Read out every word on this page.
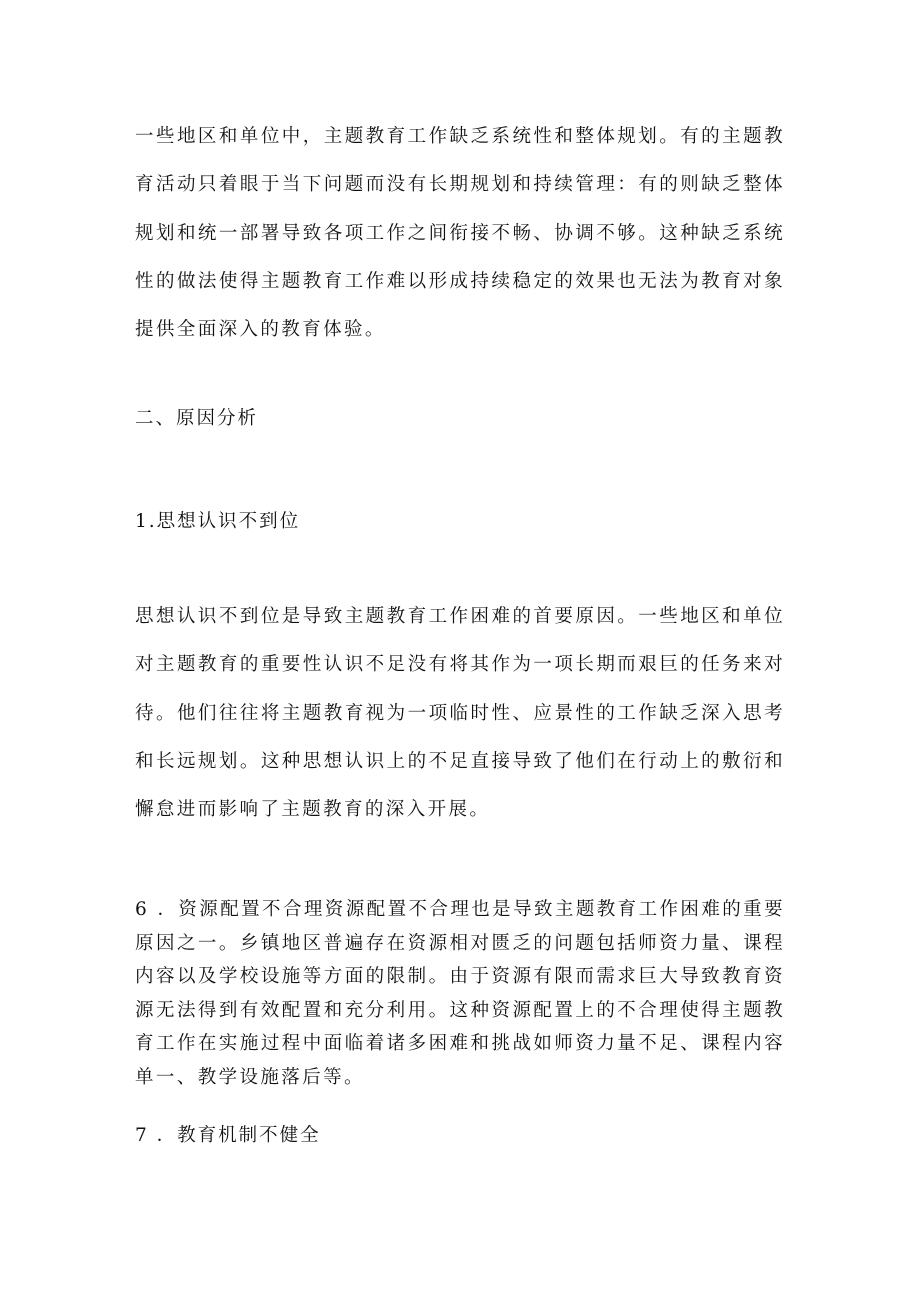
一些地区和单位中，主题教育工作缺乏系统性和整体规划。有的主题教育活动只着眼于当下问题而没有长期规划和持续管理：有的则缺乏整体规划和统一部署导致各项工作之间衔接不畅、协调不够。这种缺乏系统性的做法使得主题教育工作难以形成持续稳定的效果也无法为教育对象提供全面深入的教育体验。

二、原因分析

1.思想认识不到位

思想认识不到位是导致主题教育工作困难的首要原因。一些地区和单位对主题教育的重要性认识不足没有将其作为一项长期而艰巨的任务来对待。他们往往将主题教育视为一项临时性、应景性的工作缺乏深入思考和长远规划。这种思想认识上的不足直接导致了他们在行动上的敷衍和懈怠进而影响了主题教育的深入开展。

6 ．资源配置不合理资源配置不合理也是导致主题教育工作困难的重要原因之一。乡镇地区普遍存在资源相对匮乏的问题包括师资力量、课程内容以及学校设施等方面的限制。由于资源有限而需求巨大导致教育资源无法得到有效配置和充分利用。这种资源配置上的不合理使得主题教育工作在实施过程中面临着诸多困难和挑战如师资力量不足、课程内容单一、教学设施落后等。

7 ．教育机制不健全
